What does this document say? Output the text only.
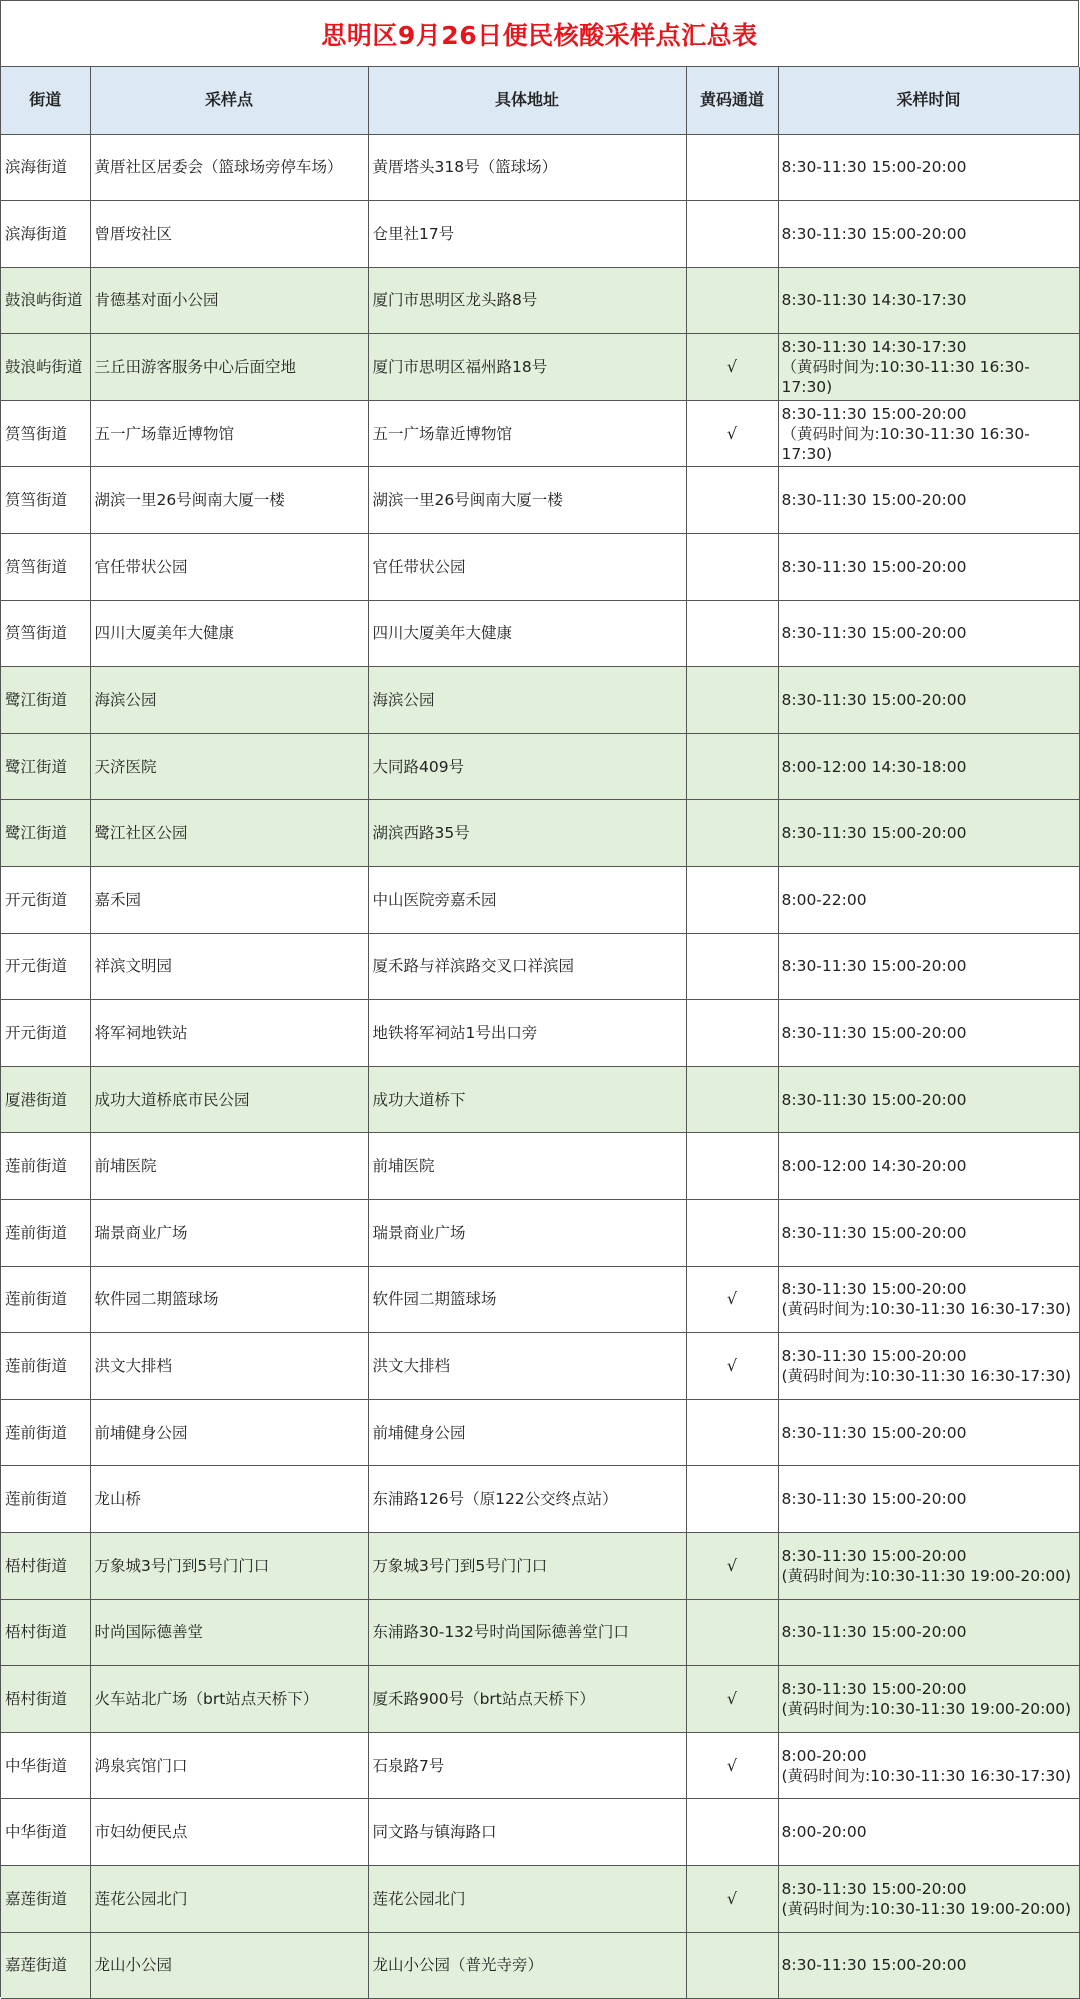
思明区9月26日便民核酸采样点汇总表
街道	采样点	具体地址	黄码通道	采样时间
滨海街道	黄厝社区居委会（篮球场旁停车场）	黄厝塔头318号（篮球场）		8:30-11:30 15:00-20:00

滨海街道	曾厝垵社区	仓里社17号		8:30-11:30 15:00-20:00

鼓浪屿街道	肯德基对面小公园	厦门市思明区龙头路8号		8:30-11:30 14:30-17:30

鼓浪屿街道	三丘田游客服务中心后面空地	厦门市思明区福州路18号	√	8:30-11:30 14:30-17:30
（黄码时间为:10:30-11:30 16:30-17:30)

筼筜街道	五一广场靠近博物馆	五一广场靠近博物馆	√	8:30-11:30 15:00-20:00
（黄码时间为:10:30-11:30 16:30-17:30)

筼筜街道	湖滨一里26号闽南大厦一楼	湖滨一里26号闽南大厦一楼		8:30-11:30 15:00-20:00

筼筜街道	官任带状公园	官任带状公园		8:30-11:30 15:00-20:00

筼筜街道	四川大厦美年大健康	四川大厦美年大健康		8:30-11:30 15:00-20:00

鹭江街道	海滨公园	海滨公园		8:30-11:30 15:00-20:00

鹭江街道	天济医院	大同路409号		8:00-12:00 14:30-18:00

鹭江街道	鹭江社区公园	湖滨西路35号		8:30-11:30 15:00-20:00

开元街道	嘉禾园	中山医院旁嘉禾园		8:00-22:00

开元街道	祥滨文明园	厦禾路与祥滨路交叉口祥滨园		8:30-11:30 15:00-20:00

开元街道	将军祠地铁站	地铁将军祠站1号出口旁		8:30-11:30 15:00-20:00

厦港街道	成功大道桥底市民公园	成功大道桥下		8:30-11:30 15:00-20:00

莲前街道	前埔医院	前埔医院		8:00-12:00 14:30-20:00

莲前街道	瑞景商业广场	瑞景商业广场		8:30-11:30 15:00-20:00

莲前街道	软件园二期篮球场	软件园二期篮球场	√	8:30-11:30 15:00-20:00
(黄码时间为:10:30-11:30 16:30-17:30)

莲前街道	洪文大排档	洪文大排档	√	8:30-11:30 15:00-20:00
(黄码时间为:10:30-11:30 16:30-17:30)

莲前街道	前埔健身公园	前埔健身公园		8:30-11:30 15:00-20:00

莲前街道	龙山桥	东浦路126号（原122公交终点站）		8:30-11:30 15:00-20:00

梧村街道	万象城3号门到5号门门口	万象城3号门到5号门门口	√	8:30-11:30 15:00-20:00
(黄码时间为:10:30-11:30 19:00-20:00)

梧村街道	时尚国际德善堂	东浦路30-132号时尚国际德善堂门口		8:30-11:30 15:00-20:00

梧村街道	火车站北广场（brt站点天桥下）	厦禾路900号（brt站点天桥下）	√	8:30-11:30 15:00-20:00
(黄码时间为:10:30-11:30 19:00-20:00)

中华街道	鸿泉宾馆门口	石泉路7号	√	8:00-20:00
(黄码时间为:10:30-11:30 16:30-17:30)

中华街道	市妇幼便民点	同文路与镇海路口		8:00-20:00

嘉莲街道	莲花公园北门	莲花公园北门	√	8:30-11:30 15:00-20:00
(黄码时间为:10:30-11:30 19:00-20:00)

嘉莲街道	龙山小公园	龙山小公园（普光寺旁）		8:30-11:30 15:00-20:00
